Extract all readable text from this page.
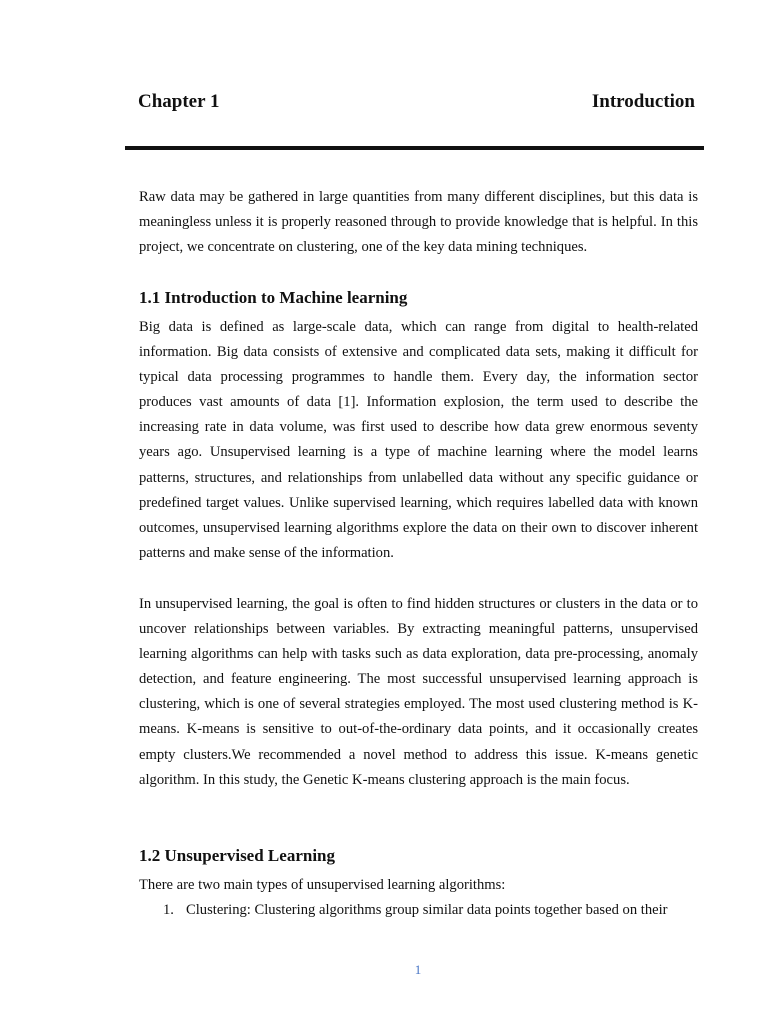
Chapter 1	Introduction

Raw data may be gathered in large quantities from many different disciplines, but this data is meaningless unless it is properly reasoned through to provide knowledge that is helpful. In this project, we concentrate on clustering, one of the key data mining techniques.

1.1 Introduction to Machine learning

Big data is defined as large-scale data, which can range from digital to health-related information. Big data consists of extensive and complicated data sets, making it difficult for typical data processing programmes to handle them. Every day, the information sector produces vast amounts of data [1]. Information explosion, the term used to describe the increasing rate in data volume, was first used to describe how data grew enormous seventy years ago. Unsupervised learning is a type of machine learning where the model learns patterns, structures, and relationships from unlabelled data without any specific guidance or predefined target values. Unlike supervised learning, which requires labelled data with known outcomes, unsupervised learning algorithms explore the data on their own to discover inherent patterns and make sense of the information.

In unsupervised learning, the goal is often to find hidden structures or clusters in the data or to uncover relationships between variables. By extracting meaningful patterns, unsupervised learning algorithms can help with tasks such as data exploration, data pre-processing, anomaly detection, and feature engineering. The most successful unsupervised learning approach is clustering, which is one of several strategies employed. The most used clustering method is K-means. K-means is sensitive to out-of-the-ordinary data points, and it occasionally creates empty clusters.We recommended a novel method to address this issue. K-means genetic algorithm. In this study, the Genetic K-means clustering approach is the main focus.

1.2 Unsupervised Learning

There are two main types of unsupervised learning algorithms:

1. Clustering: Clustering algorithms group similar data points together based on their
1
